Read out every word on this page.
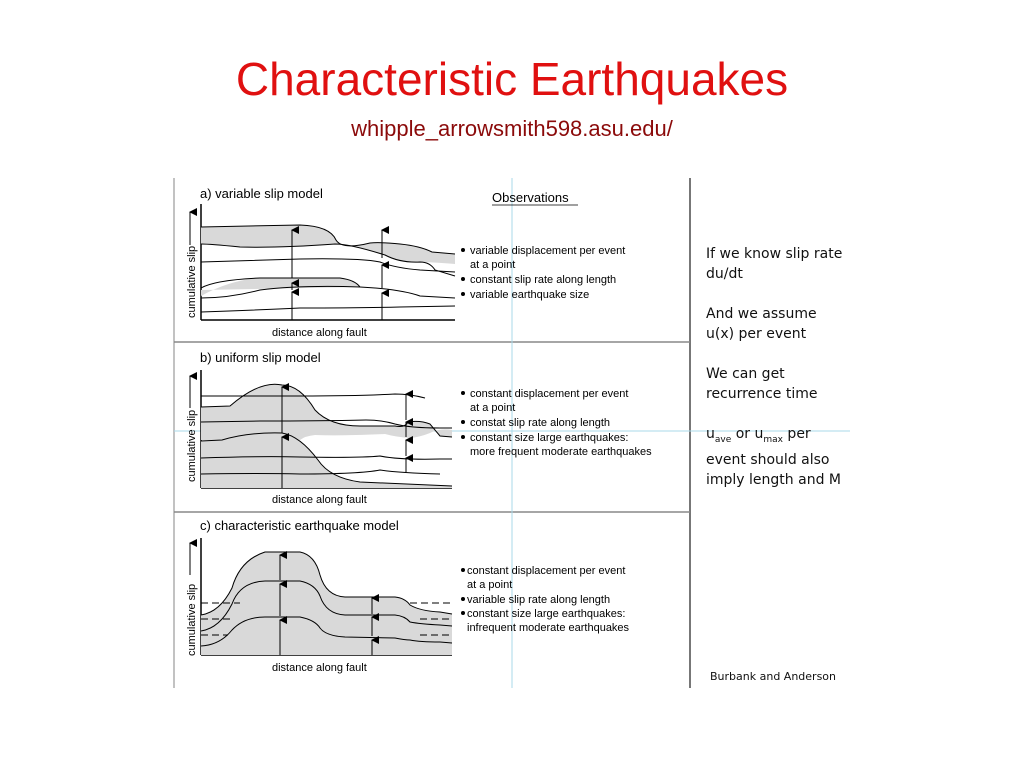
Characteristic Earthquakes
whipple_arrowsmith598.asu.edu/
Observations
a) variable slip model
cumulative slip
distance along fault
variable displacement per event
at a point
constant slip rate along length
variable earthquake size
b) uniform slip model
cumulative slip
distance along fault
constant displacement per event
at a point
constat slip rate along length
constant size large earthquakes:
more frequent moderate earthquakes
c) characteristic earthquake model
cumulative slip
distance along fault
constant displacement per event
at a point
variable slip rate along length
constant size large earthquakes:
infrequent moderate earthquakes

If we know slip rate du/dt

And we assume u(x) per event

We can get recurrence time

$u_{ave}$ or $u_{max}$ per event should also imply length and M

Burbank and Anderson
